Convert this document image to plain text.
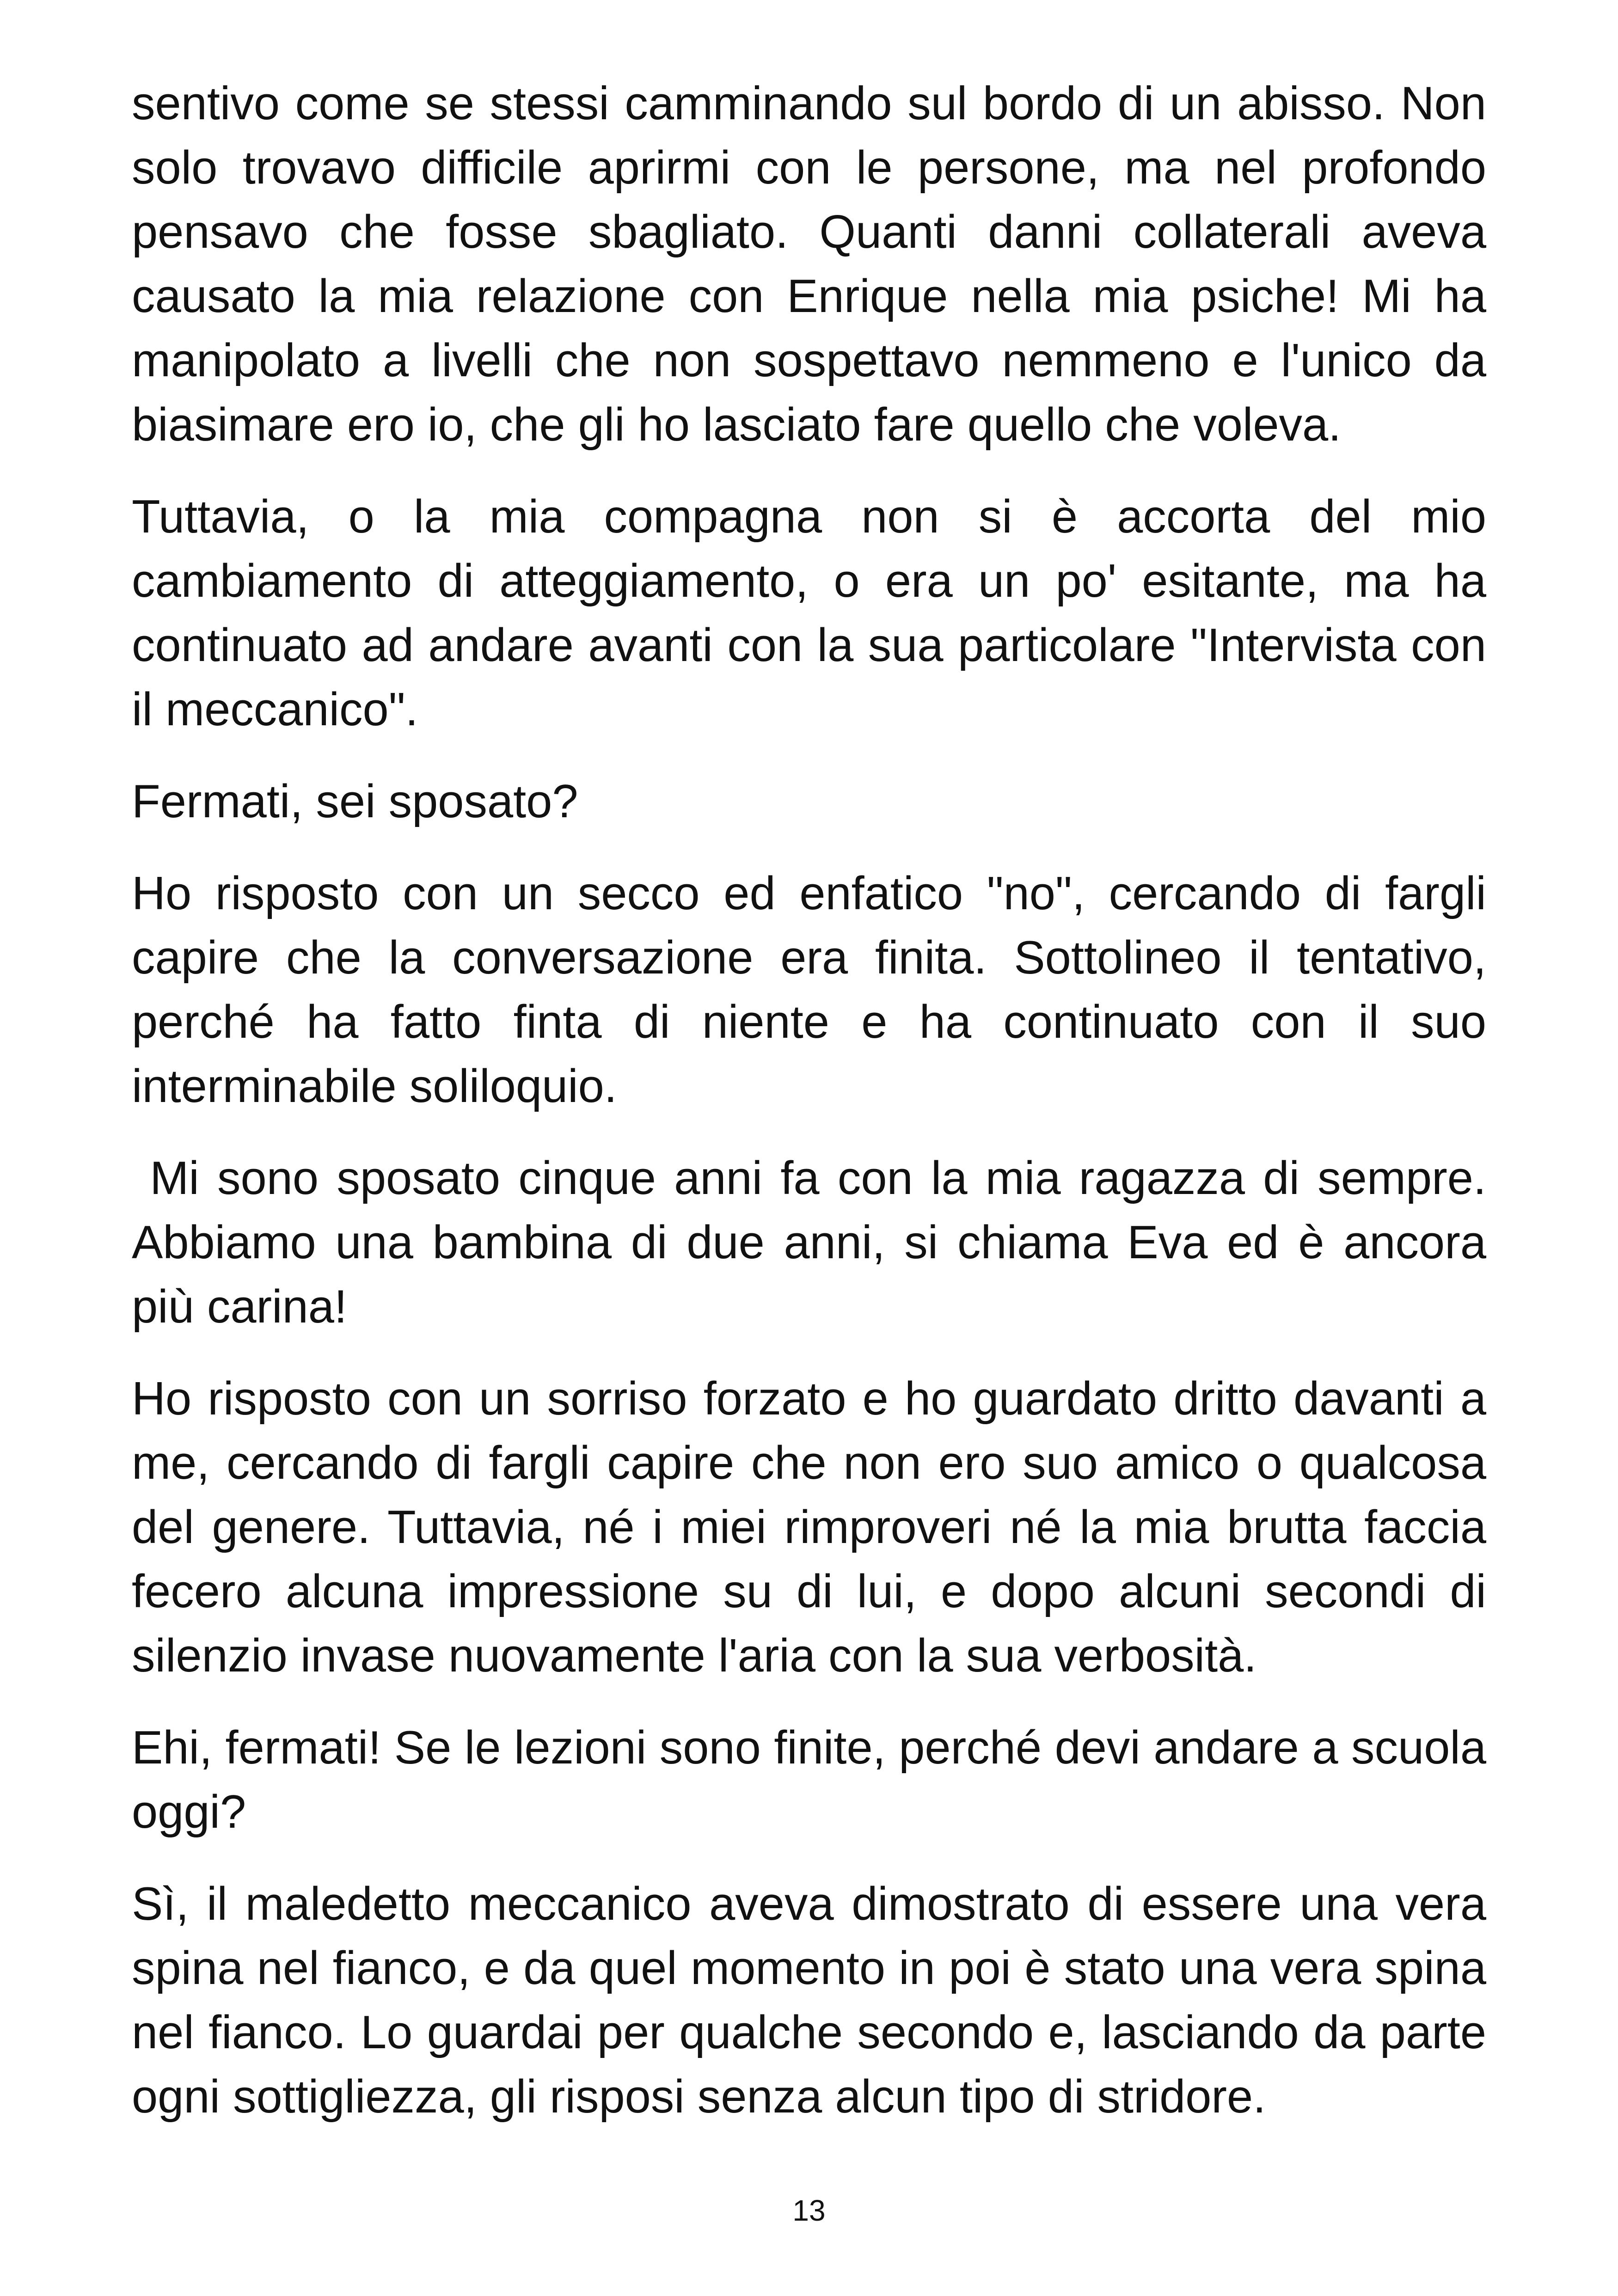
sentivo come se stessi camminando sul bordo di un abisso. Non solo trovavo difficile aprirmi con le persone, ma nel profondo pensavo che fosse sbagliato. Quanti danni collaterali aveva causato la mia relazione con Enrique nella mia psiche! Mi ha manipolato a livelli che non sospettavo nemmeno e l'unico da biasimare ero io, che gli ho lasciato fare quello che voleva.

Tuttavia, o la mia compagna non si è accorta del mio cambiamento di atteggiamento, o era un po' esitante, ma ha continuato ad andare avanti con la sua particolare "Intervista con il meccanico".

Fermati, sei sposato?

Ho risposto con un secco ed enfatico "no", cercando di fargli capire che la conversazione era finita. Sottolineo il tentativo, perché ha fatto finta di niente e ha continuato con il suo interminabile soliloquio.

Mi sono sposato cinque anni fa con la mia ragazza di sempre. Abbiamo una bambina di due anni, si chiama Eva ed è ancora più carina!

Ho risposto con un sorriso forzato e ho guardato dritto davanti a me, cercando di fargli capire che non ero suo amico o qualcosa del genere. Tuttavia, né i miei rimproveri né la mia brutta faccia fecero alcuna impressione su di lui, e dopo alcuni secondi di silenzio invase nuovamente l'aria con la sua verbosità.

Ehi, fermati! Se le lezioni sono finite, perché devi andare a scuola oggi?

Sì, il maledetto meccanico aveva dimostrato di essere una vera spina nel fianco, e da quel momento in poi è stato una vera spina nel fianco. Lo guardai per qualche secondo e, lasciando da parte ogni sottigliezza, gli risposi senza alcun tipo di stridore.

13
